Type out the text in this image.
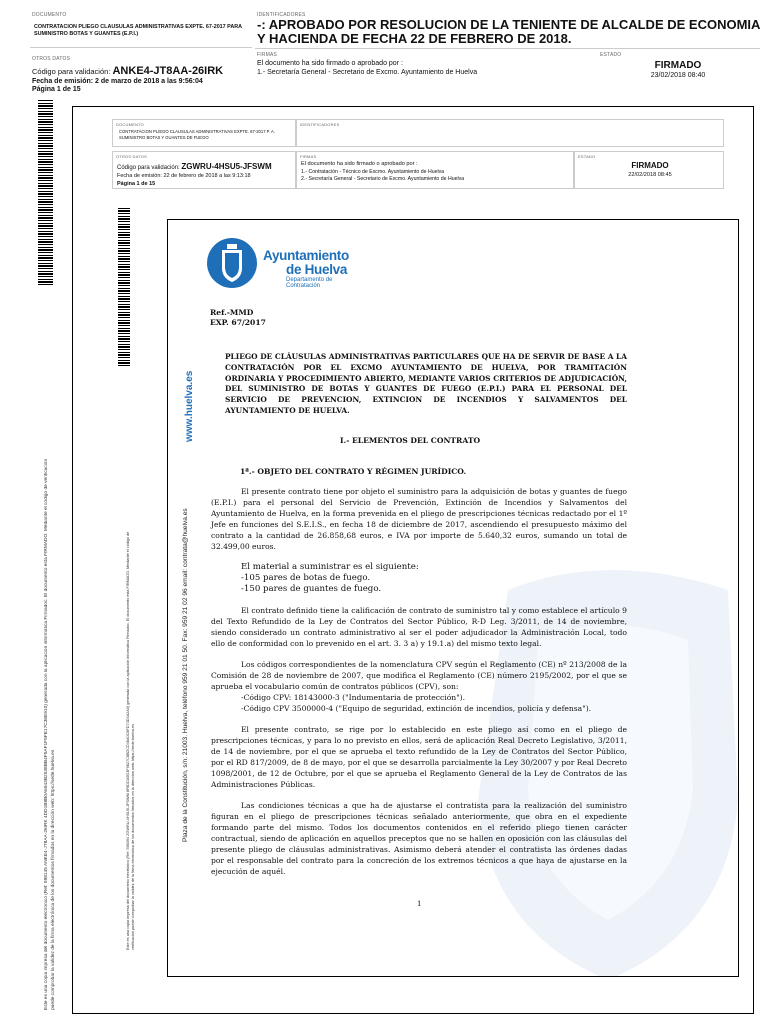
DOCUMENTO
CONTRATACION PLIEGO CLAUSULAS ADMINISTRATIVAS EXPTE. 67-2017 PARA SUMINISTRO BOTAS Y GUANTES (E.P.I.)
IDENTIFICADORES
-: APROBADO POR RESOLUCION DE LA TENIENTE DE ALCALDE DE ECONOMIA Y HACIENDA DE FECHA 22 DE FEBRERO DE 2018.
OTROS DATOS
Código para validación: ANKE4-JT8AA-26IRK
Fecha de emisión: 2 de marzo de 2018 a las 9:56:04
Página 1 de 15
FIRMAS
El documento ha sido firmado o aprobado por :
1.- Secretaría General - Secretario de Excmo. Ayuntamiento de Huelva
ESTADO
FIRMADO
23/02/2018 08:40
Este es una copia impresa del documento electrónico (Ref: 598145 ANKE4-JT8AA-26IRK 4DD1B8B0A6943B2538BB4F5AF1F5FE17C36E910) generada con la aplicación informática Firmadoc. El documento está FIRMADO. Mediante el código de verificación puede comprobar la validez de la firma electrónica de los documentos firmados en la dirección web: https://sede.huelva.es
DOCUMENTO
CONTRATACION PLIEGO CLAUSULAS ADMINISTRATIVAS EXPTE. 67-2017 P. A. SUMINISTRO BOTAS Y GUANTES DE FUEGO
IDENTIFICADORES
OTROS DATOS
Código para validación: ZGWRU-4HSU5-JFSWM
Fecha de emisión: 22 de febrero de 2018 a las 9:13:18
Página 1 de 15
FIRMAS
El documento ha sido firmado o aprobado por :
1.- Contratación - Técnico de Excmo. Ayuntamiento de Huelva
2.- Secretaría General - Secretario de Excmo. Ayuntamiento de Huelva
ESTADO
FIRMADO
22/02/2018 08:45
Este es una copia impresa del documento electrónico (Ref: 596394 ZGWRU-4HSU5-JFSWM 8F8DDA9D3F9827C8BDCD48A0C8FD73D4A2A0) generada con la aplicación informática Firmadoc. El documento está FIRMADO. Mediante el código de verificación puede comprobar la validez de la firma electrónica de los documentos firmados en la dirección web: https://sede.huelva.es	Plaza de la Constitución, s/n. 21003. Huelva, teléfono 959 21 01 50. Fax: 959 21 02 96 email: contrata@huelva.es
www.huelva.es
Ayuntamiento
de Huelva
Departamento de Contratación
Ref.-MMD
EXP. 67/2017
PLIEGO DE CLÁUSULAS ADMINISTRATIVAS PARTICULARES QUE HA DE SERVIR DE BASE A LA CONTRATACIÓN POR EL EXCMO AYUNTAMIENTO DE HUELVA, POR TRAMITACIÓN ORDINARIA Y PROCEDIMIENTO ABIERTO, MEDIANTE VARIOS CRITERIOS DE ADJUDICACIÓN, DEL SUMINISTRO DE BOTAS Y GUANTES DE FUEGO (E.P.I.) PARA EL PERSONAL DEL SERVICIO DE PREVENCION, EXTINCION DE INCENDIOS Y SALVAMENTOS DEL AYUNTAMIENTO DE HUELVA.
I.- ELEMENTOS DEL CONTRATO
1ª.- OBJETO DEL CONTRATO Y RÉGIMEN JURÍDICO.

El presente contrato tiene por objeto el suministro para la adquisición de botas y guantes de fuego (E.P.I.) para el personal del Servicio de Prevención, Extinción de Incendios y Salvamentos del Ayuntamiento de Huelva, en la forma prevenida en el pliego de prescripciones técnicas redactado por el 1º Jefe en funciones del S.E.I.S., en fecha 18 de diciembre de 2017, ascendiendo el presupuesto máximo del contrato a la cantidad de 26.858,68 euros, e IVA por importe de 5.640,32 euros, sumando un total de 32.499,00 euros.

El material a suministrar es el siguiente:
-105 pares de botas de fuego.
-150 pares de guantes de fuego.

El contrato definido tiene la calificación de contrato de suministro tal y como establece el artículo 9 del Texto Refundido de la Ley de Contratos del Sector Público, R-D Leg. 3/2011, de 14 de noviembre, siendo considerado un contrato administrativo al ser el poder adjudicador la Administración Local, todo ello de conformidad con lo prevenido en el art. 3. 3 a) y 19.1.a) del mismo texto legal.

Los códigos correspondientes de la nomenclatura CPV según el Reglamento (CE) nº 213/2008 de la Comisión de 28 de noviembre de 2007, que modifica el Reglamento (CE) número 2195/2002, por el que se aprueba el vocabulario común de contratos públicos (CPV), son:

-Código CPV: 18143000-3 ("Indumentaria de protección").
-Código CPV 3500000-4 ("Equipo de seguridad, extinción de incendios, policía y defensa").

El presente contrato, se rige por lo establecido en este pliego así como en el pliego de prescripciones técnicas, y para lo no previsto en ellos, será de aplicación Real Decreto Legislativo, 3/2011, de 14 de noviembre, por el que se aprueba el texto refundido de la Ley de Contratos del Sector Público, por el RD 817/2009, de 8 de mayo, por el que se desarrolla parcialmente la Ley 30/2007 y por Real Decreto 1098/2001, de 12 de Octubre, por el que se aprueba el Reglamento General de la Ley de Contratos de las Administraciones Públicas.

Las condiciones técnicas a que ha de ajustarse el contratista para la realización del suministro figuran en el pliego de prescripciones técnicas señalado anteriormente, que obra en el expediente formando parte del mismo. Todos los documentos contenidos en el referido pliego tienen carácter contractual, siendo de aplicación en aquellos preceptos que no se hallen en oposición con las cláusulas del presente pliego de cláusulas administrativas. Asimismo deberá atender el contratista las órdenes dadas por el responsable del contrato para la concreción de los extremos técnicos a que haya de ajustarse en la ejecución de aquél.

1
